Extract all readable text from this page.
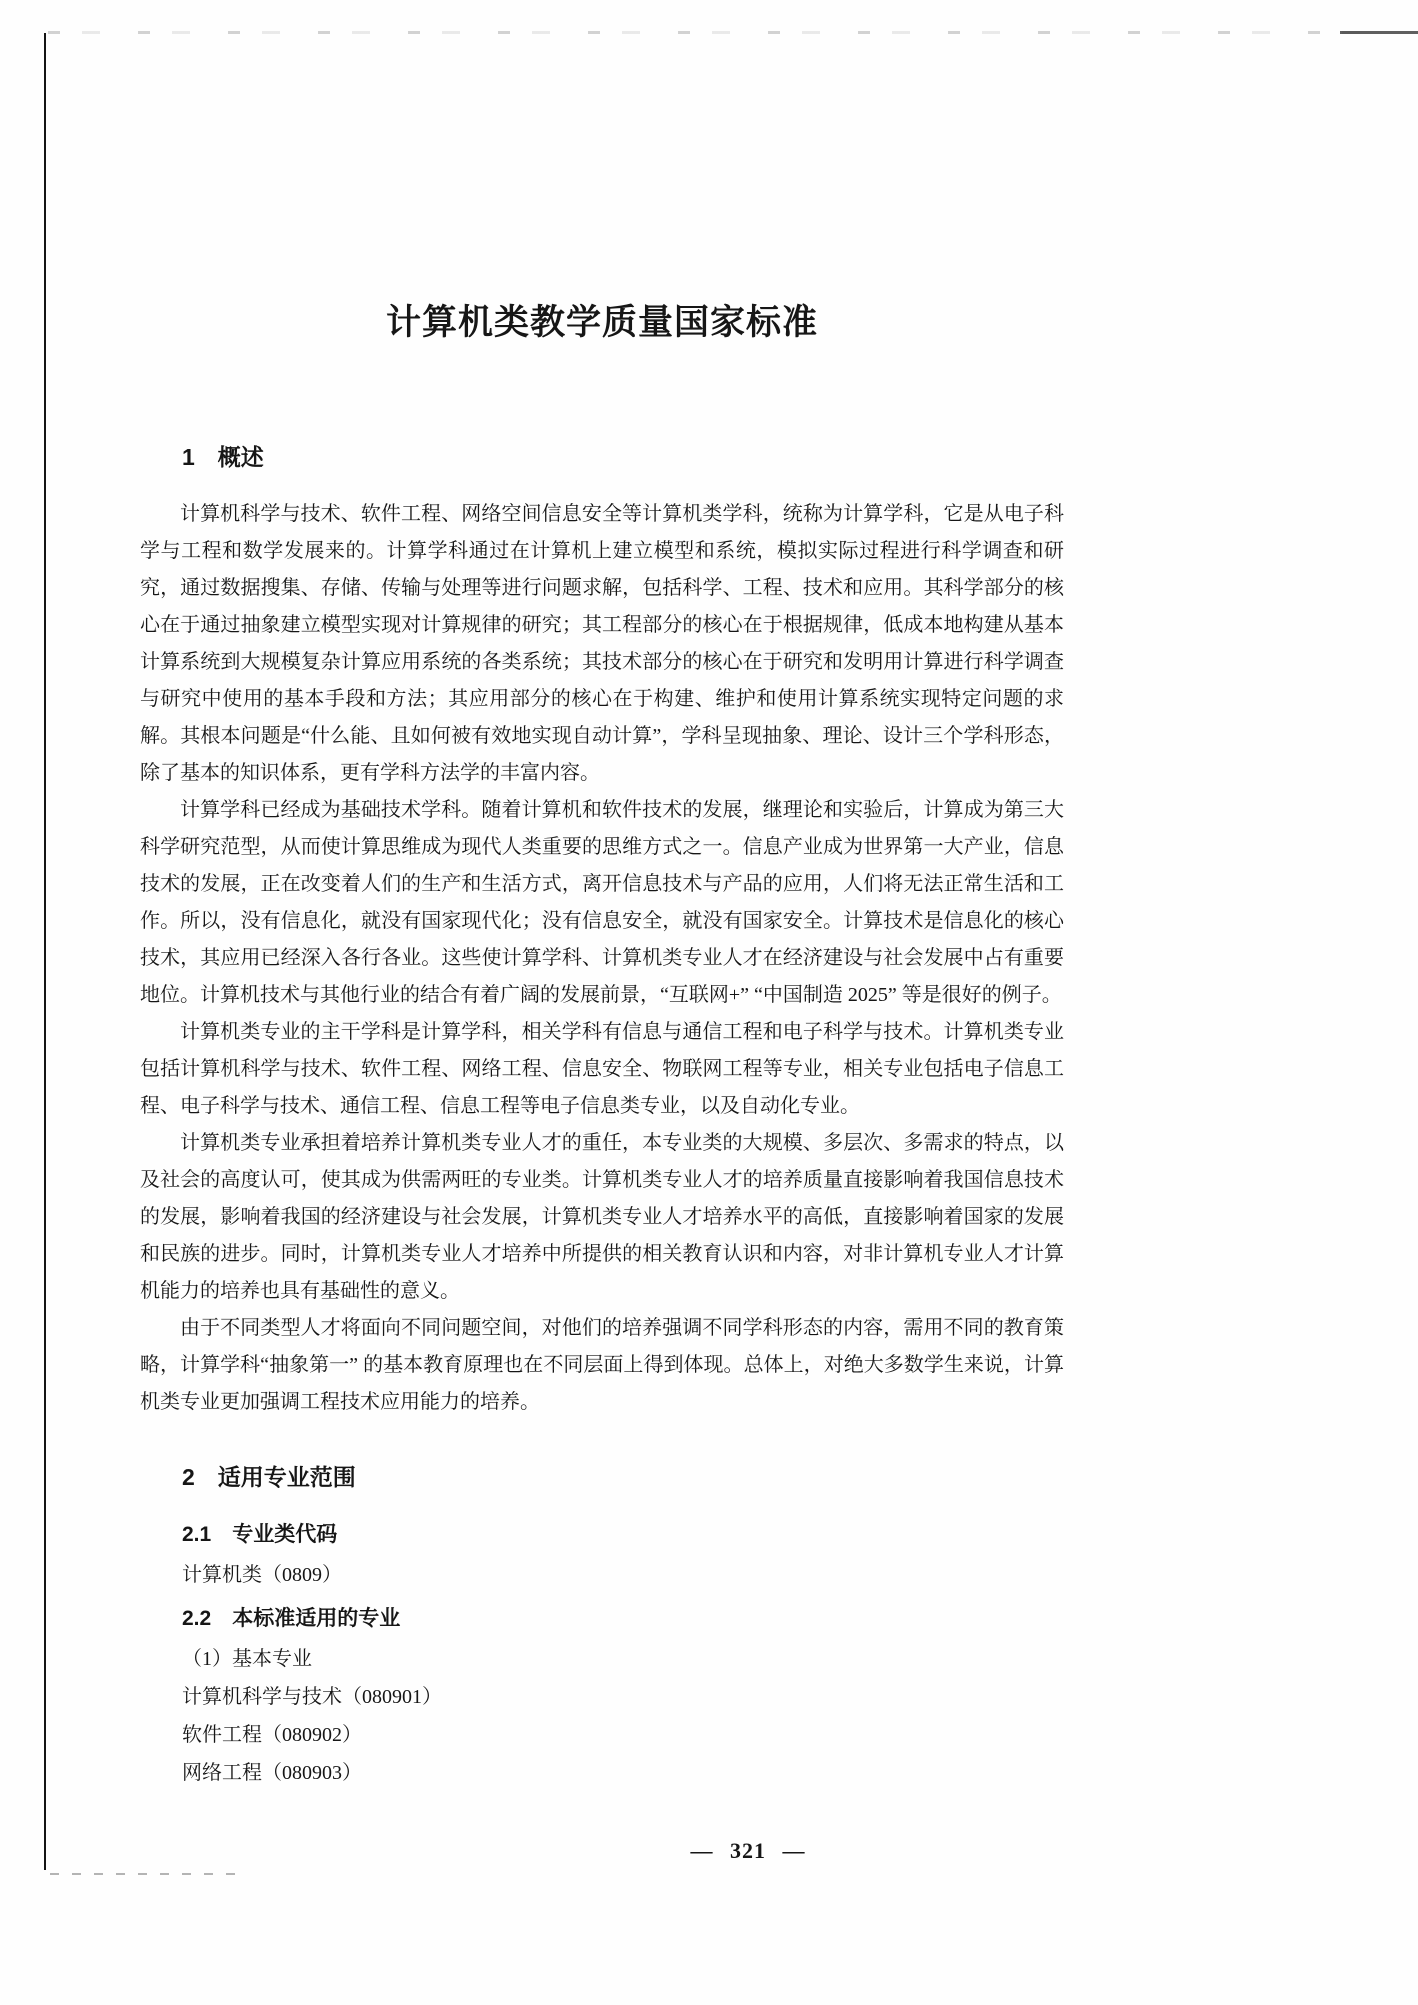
计算机类教学质量国家标准
1　概述

计算机科学与技术、软件工程、网络空间信息安全等计算机类学科，统称为计算学科，它是从电子科学与工程和数学发展来的。计算学科通过在计算机上建立模型和系统，模拟实际过程进行科学调查和研究，通过数据搜集、存储、传输与处理等进行问题求解，包括科学、工程、技术和应用。其科学部分的核心在于通过抽象建立模型实现对计算规律的研究；其工程部分的核心在于根据规律，低成本地构建从基本计算系统到大规模复杂计算应用系统的各类系统；其技术部分的核心在于研究和发明用计算进行科学调查与研究中使用的基本手段和方法；其应用部分的核心在于构建、维护和使用计算系统实现特定问题的求解。其根本问题是“什么能、且如何被有效地实现自动计算”，学科呈现抽象、理论、设计三个学科形态，除了基本的知识体系，更有学科方法学的丰富内容。

计算学科已经成为基础技术学科。随着计算机和软件技术的发展，继理论和实验后，计算成为第三大科学研究范型，从而使计算思维成为现代人类重要的思维方式之一。信息产业成为世界第一大产业，信息技术的发展，正在改变着人们的生产和生活方式，离开信息技术与产品的应用，人们将无法正常生活和工作。所以，没有信息化，就没有国家现代化；没有信息安全，就没有国家安全。计算技术是信息化的核心技术，其应用已经深入各行各业。这些使计算学科、计算机类专业人才在经济建设与社会发展中占有重要地位。计算机技术与其他行业的结合有着广阔的发展前景，“互联网+” “中国制造 2025” 等是很好的例子。

计算机类专业的主干学科是计算学科，相关学科有信息与通信工程和电子科学与技术。计算机类专业包括计算机科学与技术、软件工程、网络工程、信息安全、物联网工程等专业，相关专业包括电子信息工程、电子科学与技术、通信工程、信息工程等电子信息类专业，以及自动化专业。

计算机类专业承担着培养计算机类专业人才的重任，本专业类的大规模、多层次、多需求的特点，以及社会的高度认可，使其成为供需两旺的专业类。计算机类专业人才的培养质量直接影响着我国信息技术的发展，影响着我国的经济建设与社会发展，计算机类专业人才培养水平的高低，直接影响着国家的发展和民族的进步。同时，计算机类专业人才培养中所提供的相关教育认识和内容，对非计算机专业人才计算机能力的培养也具有基础性的意义。

由于不同类型人才将面向不同问题空间，对他们的培养强调不同学科形态的内容，需用不同的教育策略，计算学科“抽象第一” 的基本教育原理也在不同层面上得到体现。总体上，对绝大多数学生来说，计算机类专业更加强调工程技术应用能力的培养。

2　适用专业范围
2.1　专业类代码

计算机类（0809）

2.2　本标准适用的专业

（1）基本专业

计算机科学与技术（080901）

软件工程（080902）

网络工程（080903）

— 321 —
